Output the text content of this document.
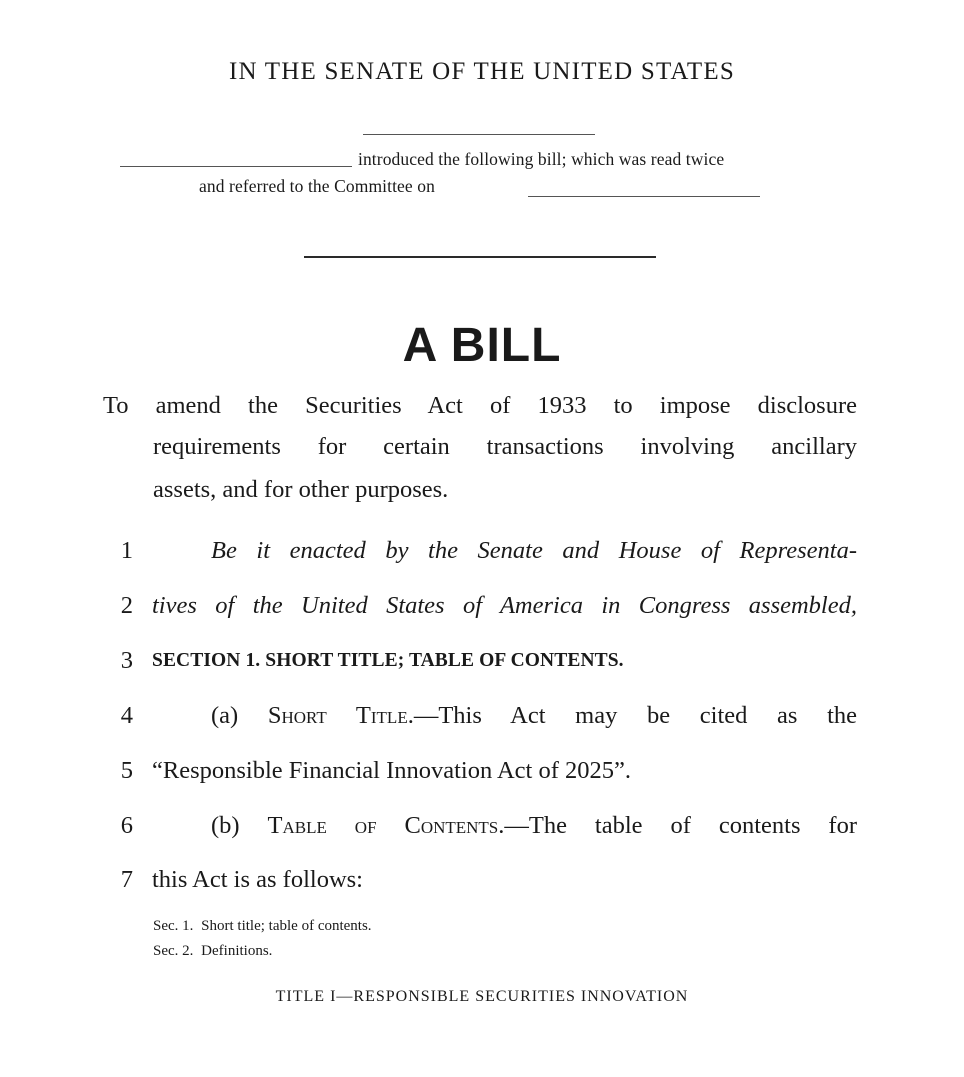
IN THE SENATE OF THE UNITED STATES
introduced the following bill; which was read twice
and referred to the Committee on
A BILL
To amend the Securities Act of 1933 to impose disclosure
requirements for certain transactions involving ancillary
assets, and for other purposes.
1	Be it enacted by the Senate and House of Representa-
2 tives of the United States of America in Congress assembled,
3 SECTION 1. SHORT TITLE; TABLE OF CONTENTS.
4	(a) Short Title.—This Act may be cited as the
5 “Responsible Financial Innovation Act of 2025”.
6	(b) Table of Contents.—The table of contents for
7 this Act is as follows:
Sec. 1. Short title; table of contents.
Sec. 2. Definitions.
TITLE I—RESPONSIBLE SECURITIES INNOVATION
